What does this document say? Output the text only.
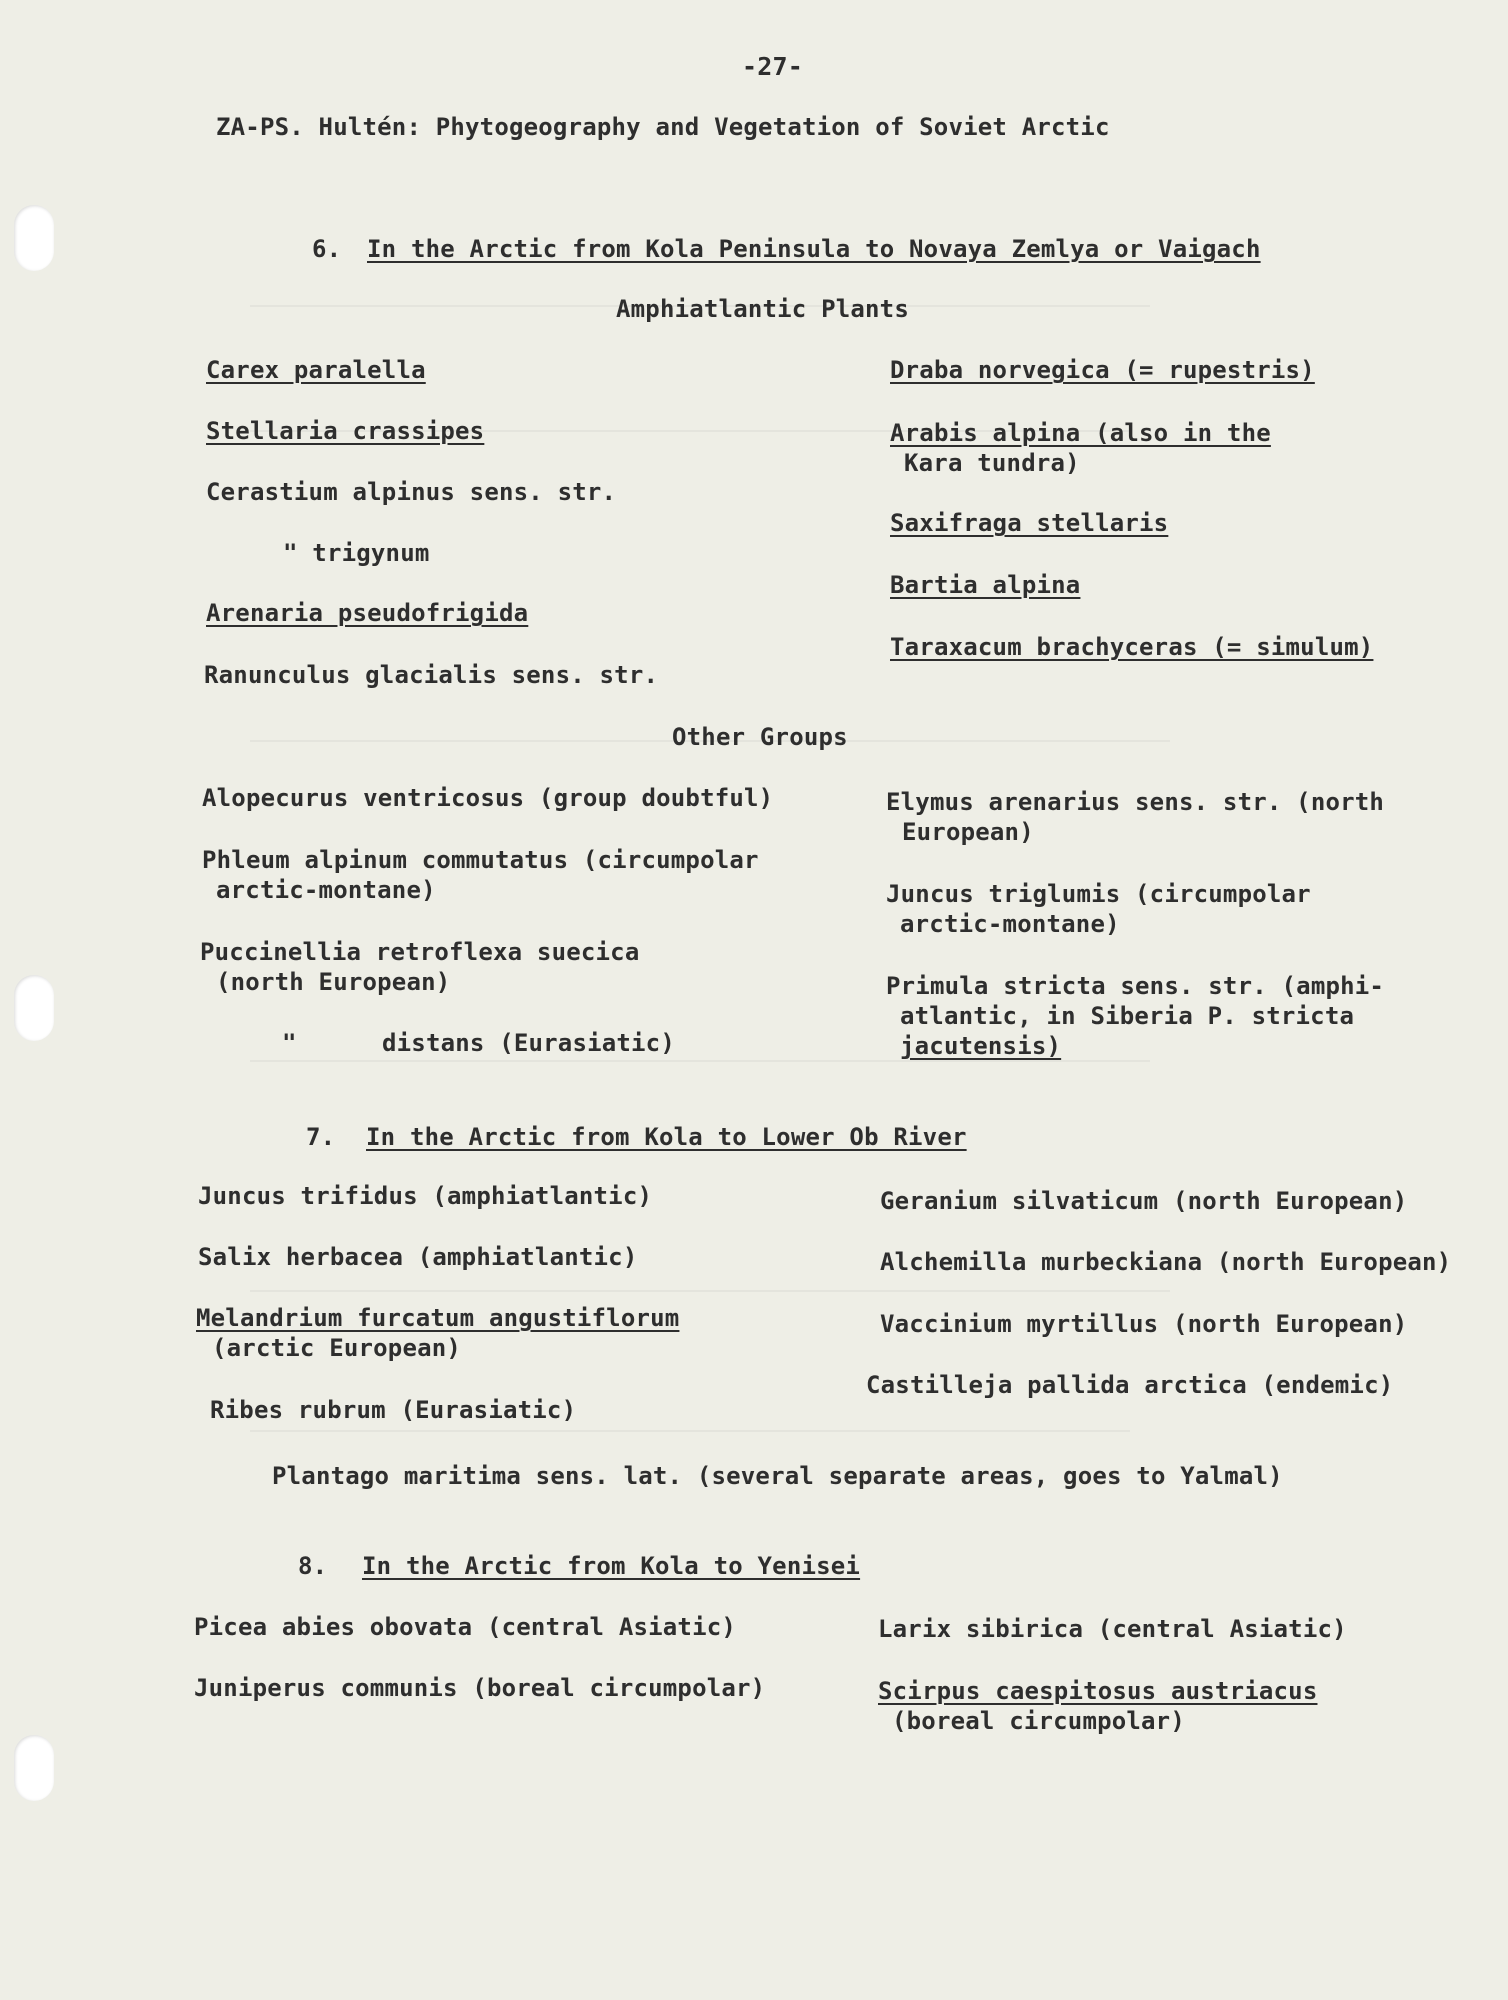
-27-
ZA-PS. Hultén: Phytogeography and Vegetation of Soviet Arctic
6. In the Arctic from Kola Peninsula to Novaya Zemlya or Vaigach
Amphiatlantic Plants
Carex paralella
Stellaria crassipes
Cerastium alpinus sens. str.
" trigynum
Arenaria pseudofrigida
Ranunculus glacialis sens. str.
Draba norvegica (= rupestris)
Arabis alpina (also in the
Kara tundra)
Saxifraga stellaris
Bartia alpina
Taraxacum brachyceras (= simulum)
Other Groups
Alopecurus ventricosus (group doubtful)
Phleum alpinum commutatus (circumpolar
arctic-montane)
Puccinellia retroflexa suecica
(north European)
"	distans (Eurasiatic)
Elymus arenarius sens. str. (north
European)
Juncus triglumis (circumpolar
arctic-montane)
Primula stricta sens. str. (amphi-
atlantic, in Siberia P. stricta
jacutensis)
7. In the Arctic from Kola to Lower Ob River
Juncus trifidus (amphiatlantic)
Salix herbacea (amphiatlantic)
Melandrium furcatum angustiflorum
(arctic European)
Ribes rubrum (Eurasiatic)
Geranium silvaticum (north European)
Alchemilla murbeckiana (north European)
Vaccinium myrtillus (north European)
Castilleja pallida arctica (endemic)
Plantago maritima sens. lat. (several separate areas, goes to Yalmal)
8. In the Arctic from Kola to Yenisei
Picea abies obovata (central Asiatic)
Juniperus communis (boreal circumpolar)
Larix sibirica (central Asiatic)
Scirpus caespitosus austriacus
(boreal circumpolar)
